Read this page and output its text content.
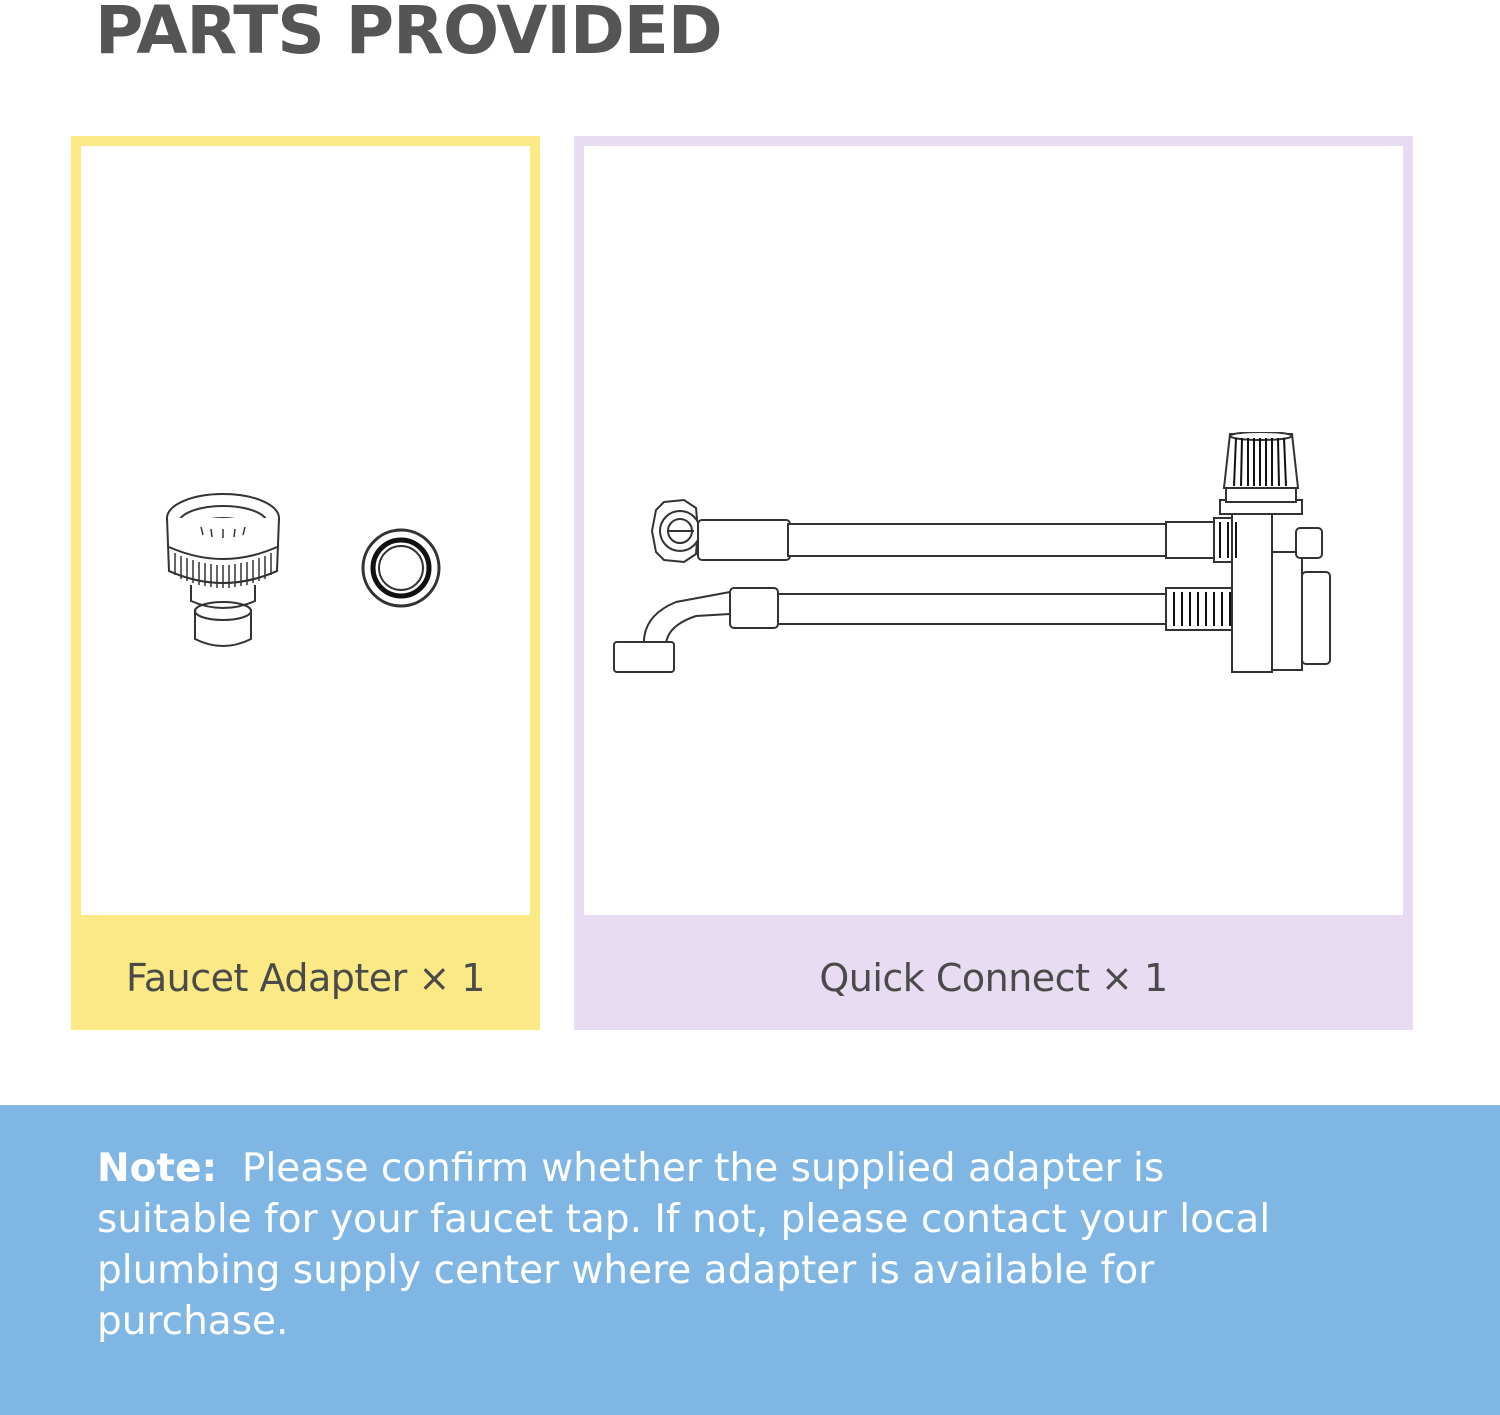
PARTS PROVIDED
Faucet Adapter × 1	Quick Connect × 1

Note: Please confirm whether the supplied adapter is suitable for your faucet tap. If not, please contact your local plumbing supply center where adapter is available for purchase.
